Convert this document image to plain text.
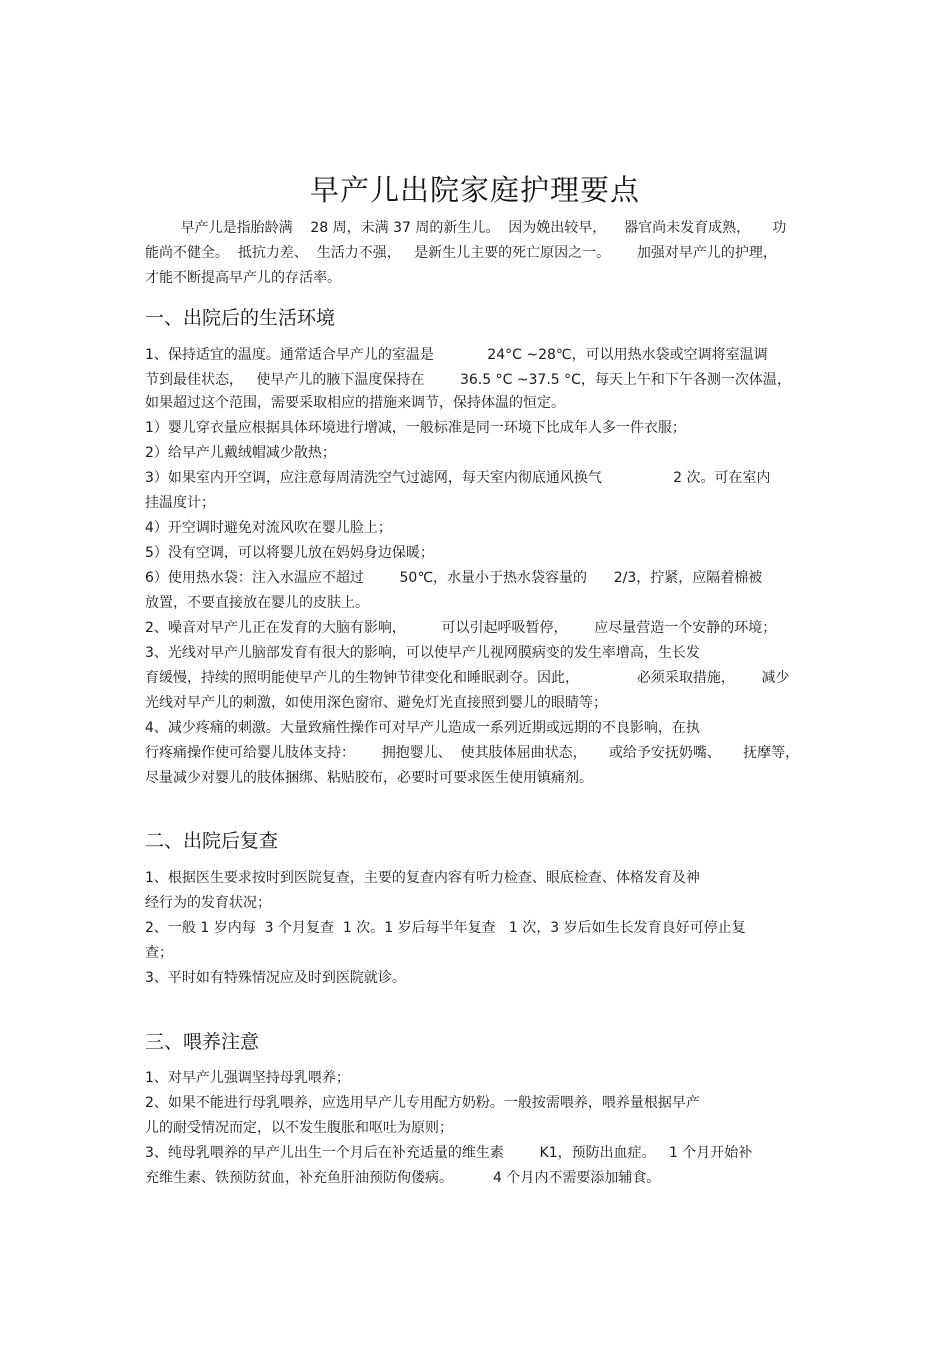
早产儿出院家庭护理要点
早产儿是指胎龄满    28 周，未满 37 周的新生儿。  因为娩出较早，    器官尚未发育成熟，     功
能尚不健全。  抵抗力差、  生活力不强，   是新生儿主要的死亡原因之一。      加强对早产儿的护理，
才能不断提高早产儿的存活率。
一、出院后的生活环境
1、保持适宜的温度。通常适合早产儿的室温是            24°C ~28℃，可以用热水袋或空调将室温调
节到最佳状态，   使早产儿的腋下温度保持在        36.5 °C ~37.5 °C，每天上午和下午各测一次体温，
如果超过这个范围，需要采取相应的措施来调节，保持体温的恒定。
1）婴儿穿衣量应根据具体环境进行增减，一般标准是同一环境下比成年人多一件衣服；
2）给早产儿戴绒帽减少散热；
3）如果室内开空调，应注意每周清洗空气过滤网，每天室内彻底通风换气                2 次。可在室内
挂温度计；
4）开空调时避免对流风吹在婴儿脸上；
5）没有空调，可以将婴儿放在妈妈身边保暖；
6）使用热水袋：注入水温应不超过        50℃，水量小于热水袋容量的      2/3，拧紧，应隔着棉被
放置，不要直接放在婴儿的皮肤上。
2、噪音对早产儿正在发育的大脑有影响，        可以引起呼吸暂停，      应尽量营造一个安静的环境；
3、光线对早产儿脑部发育有很大的影响，可以使早产儿视网膜病变的发生率增高，生长发
育缓慢，持续的照明能使早产儿的生物钟节律变化和睡眠剥夺。因此，             必须采取措施，      减少
光线对早产儿的刺激，如使用深色窗帘、避免灯光直接照到婴儿的眼睛等；
4、减少疼痛的刺激。大量致痛性操作可对早产儿造成一系列近期或远期的不良影响，在执
行疼痛操作使可给婴儿肢体支持：      拥抱婴儿、  使其肢体屈曲状态，     或给予安抚奶嘴、     抚摩等，
尽量减少对婴儿的肢体捆绑、粘贴胶布，必要时可要求医生使用镇痛剂。
二、出院后复查
1、根据医生要求按时到医院复查，主要的复查内容有听力检查、眼底检查、体格发育及神
经行为的发育状况；
2、一般 1 岁内每  3 个月复查  1 次。1 岁后每半年复查   1 次，3 岁后如生长发育良好可停止复
查；
3、平时如有特殊情况应及时到医院就诊。
三、喂养注意
1、对早产儿强调坚持母乳喂养；
2、如果不能进行母乳喂养，应选用早产儿专用配方奶粉。一般按需喂养，喂养量根据早产
儿的耐受情况而定，以不发生腹胀和呕吐为原则；
3、纯母乳喂养的早产儿出生一个月后在补充适量的维生素        K1，预防出血症。   1 个月开始补
充维生素、铁预防贫血，补充鱼肝油预防佝偻病。         4 个月内不需要添加辅食。
